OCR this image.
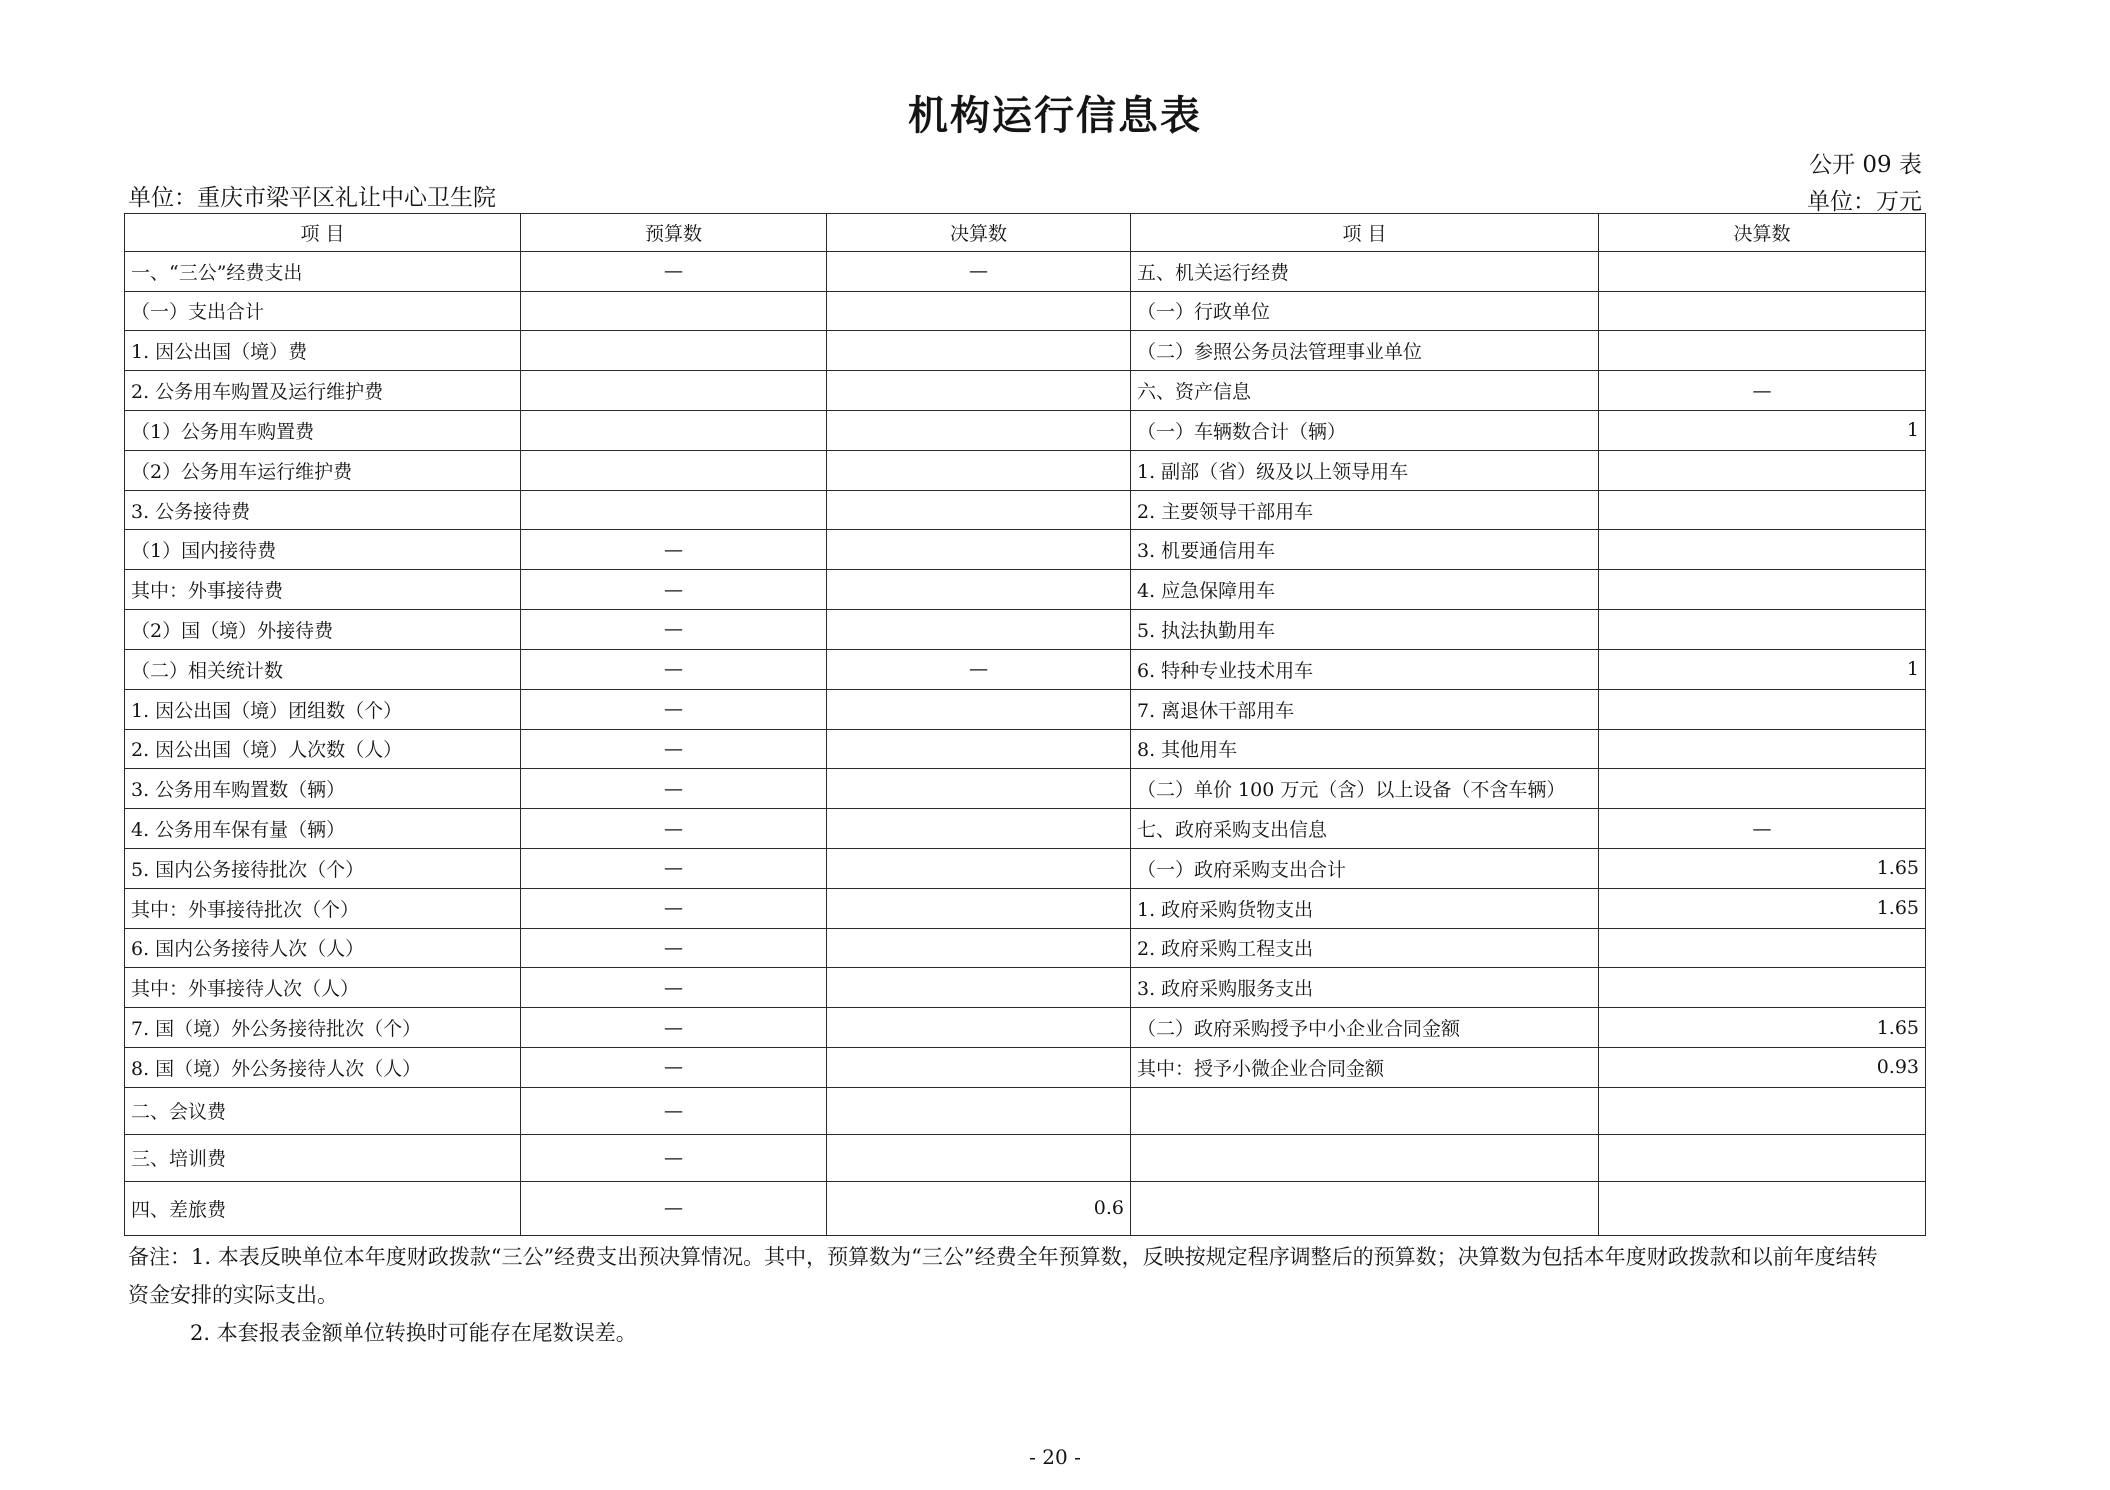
机构运行信息表
公开 09 表
单位：重庆市梁平区礼让中心卫生院	单位：万元
项 目	预算数	决算数	项 目	决算数
一、“三公”经费支出	—	—	五、机关运行经费	
（一）支出合计			（一）行政单位	
1. 因公出国（境）费			（二）参照公务员法管理事业单位	
2. 公务用车购置及运行维护费			六、资产信息	—
（1）公务用车购置费			（一）车辆数合计（辆）	1
（2）公务用车运行维护费			1. 副部（省）级及以上领导用车	
3. 公务接待费			2. 主要领导干部用车	
（1）国内接待费	—		3. 机要通信用车	
其中：外事接待费	—		4. 应急保障用车	
（2）国（境）外接待费	—		5. 执法执勤用车	
（二）相关统计数	—	—	6. 特种专业技术用车	1
1. 因公出国（境）团组数（个）	—		7. 离退休干部用车	
2. 因公出国（境）人次数（人）	—		8. 其他用车	
3. 公务用车购置数（辆）	—		（二）单价 100 万元（含）以上设备（不含车辆）	
4. 公务用车保有量（辆）	—		七、政府采购支出信息	—
5. 国内公务接待批次（个）	—		（一）政府采购支出合计	1.65
其中：外事接待批次（个）	—		1. 政府采购货物支出	1.65
6. 国内公务接待人次（人）	—		2. 政府采购工程支出	
其中：外事接待人次（人）	—		3. 政府采购服务支出	
7. 国（境）外公务接待批次（个）	—		（二）政府采购授予中小企业合同金额	1.65
8. 国（境）外公务接待人次（人）	—		其中：授予小微企业合同金额	0.93
二、会议费	—			
三、培训费	—			
四、差旅费	—	0.6		

备注：1. 本表反映单位本年度财政拨款“三公”经费支出预决算情况。其中，预算数为“三公”经费全年预算数，反映按规定程序调整后的预算数；决算数为包括本年度财政拨款和以前年度结转

资金安排的实际支出。

2. 本套报表金额单位转换时可能存在尾数误差。

- 20 -
